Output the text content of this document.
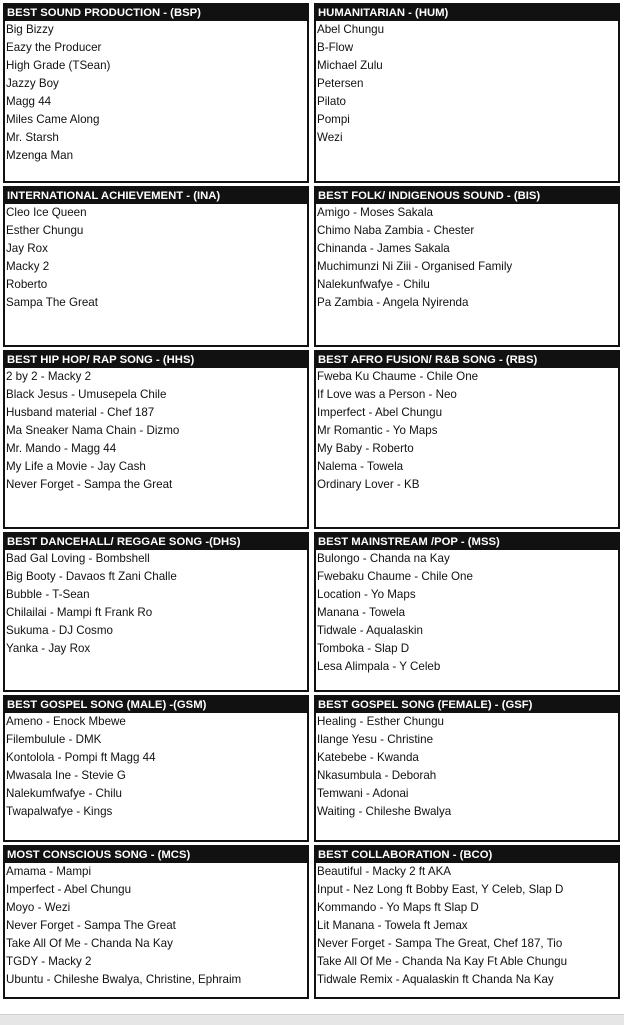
BEST SOUND PRODUCTION - (BSP)
Big Bizzy
Eazy the Producer
High Grade (TSean)
Jazzy Boy
Magg 44
Miles Came Along
Mr. Starsh
Mzenga Man
HUMANITARIAN - (HUM)
Abel Chungu
B-Flow
Michael Zulu
Petersen
Pilato
Pompi
Wezi
INTERNATIONAL ACHIEVEMENT - (INA)
Cleo Ice Queen
Esther Chungu
Jay Rox
Macky 2
Roberto
Sampa The Great
BEST FOLK/ INDIGENOUS SOUND - (BIS)
Amigo - Moses Sakala
Chimo Naba Zambia - Chester
Chinanda - James Sakala
Muchimunzi Ni Ziii - Organised Family
Nalekunfwafye - Chilu
Pa Zambia - Angela Nyirenda
BEST HIP HOP/ RAP SONG - (HHS)
2 by 2 - Macky 2
Black Jesus - Umusepela Chile
Husband material - Chef 187
Ma Sneaker Nama Chain - Dizmo
Mr. Mando - Magg 44
My Life a Movie - Jay Cash
Never Forget - Sampa the Great
BEST AFRO FUSION/ R&B SONG - (RBS)
Fweba Ku Chaume - Chile One
If Love was a Person - Neo
Imperfect - Abel Chungu
Mr Romantic - Yo Maps
My Baby - Roberto
Nalema - Towela
Ordinary Lover - KB
BEST DANCEHALL/ REGGAE SONG -(DHS)
Bad Gal Loving - Bombshell
Big Booty - Davaos ft Zani Challe
Bubble - T-Sean
Chilailai - Mampi ft Frank Ro
Sukuma - DJ Cosmo
Yanka - Jay Rox
BEST MAINSTREAM /POP - (MSS)
Bulongo - Chanda na Kay
Fwebaku Chaume - Chile One
Location - Yo Maps
Manana - Towela
Tidwale - Aqualaskin
Tomboka - Slap D
Lesa Alimpala - Y Celeb
BEST GOSPEL SONG (MALE) -(GSM)
Ameno - Enock Mbewe
Filembulule - DMK
Kontolola - Pompi ft Magg 44
Mwasala Ine - Stevie G
Nalekumfwafye - Chilu
Twapalwafye - Kings
BEST GOSPEL SONG (FEMALE) - (GSF)
Healing - Esther Chungu
Ilange Yesu - Christine
Katebebe - Kwanda
Nkasumbula - Deborah
Temwani - Adonai
Waiting - Chileshe Bwalya
MOST CONSCIOUS SONG - (MCS)
Amama - Mampi
Imperfect - Abel Chungu
Moyo - Wezi
Never Forget - Sampa The Great
Take All Of Me - Chanda Na Kay
TGDY - Macky 2
Ubuntu - Chileshe Bwalya, Christine, Ephraim
BEST COLLABORATION - (BCO)
Beautiful - Macky 2 ft AKA
Input - Nez Long ft Bobby East, Y Celeb, Slap D
Kommando - Yo Maps ft Slap D
Lit Manana - Towela ft Jemax
Never Forget - Sampa The Great, Chef 187, Tio
Take All Of Me - Chanda Na Kay Ft Able Chungu
Tidwale Remix - Aqualaskin ft Chanda Na Kay
